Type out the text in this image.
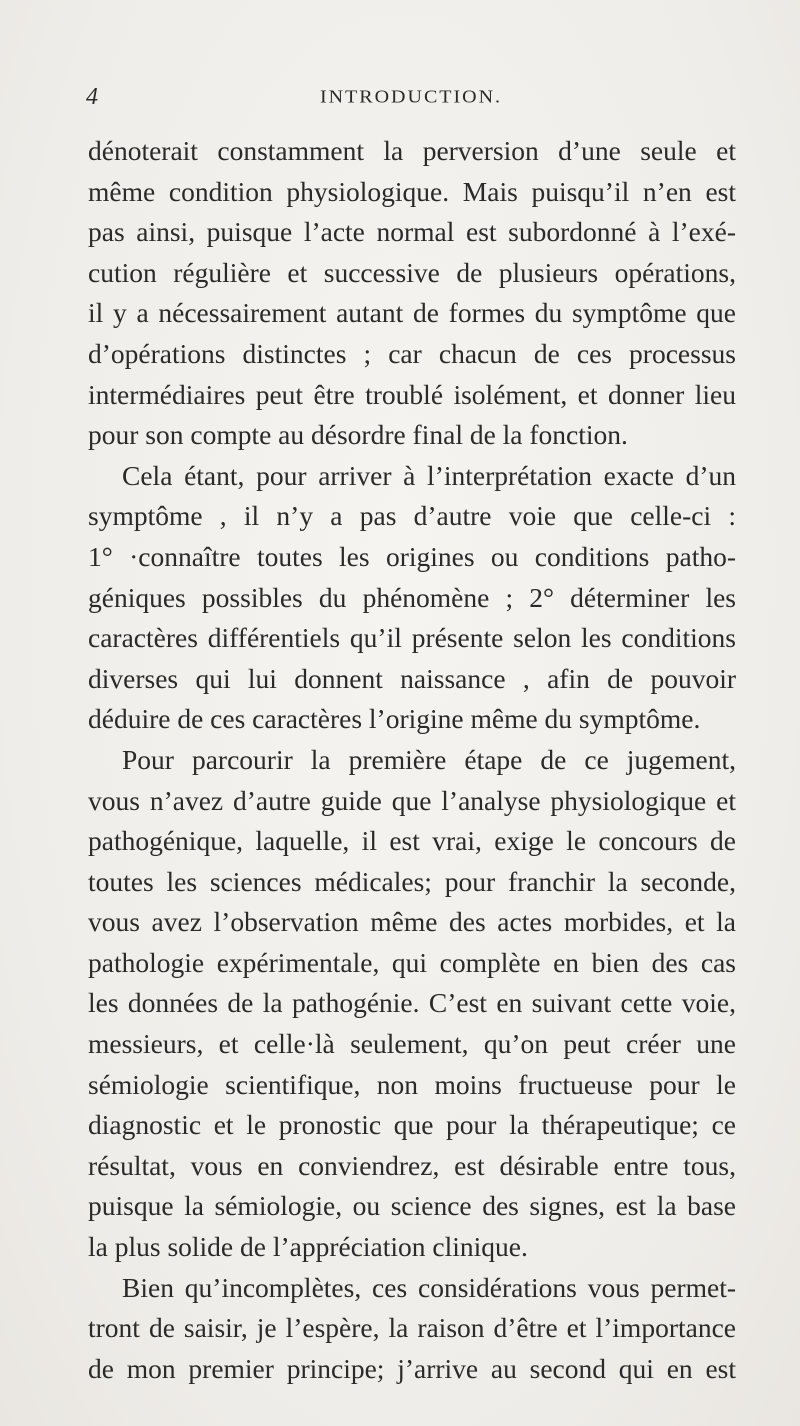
4	INTRODUCTION.
dénoterait constamment la perversion d’une seule et
même condition physiologique. Mais puisqu’il n’en est
pas ainsi, puisque l’acte normal est subordonné à l’exé-
cution régulière et successive de plusieurs opérations,
il y a nécessairement autant de formes du symptôme que
d’opérations distinctes ; car chacun de ces processus
intermédiaires peut être troublé isolément, et donner lieu
pour son compte au désordre final de la fonction.
Cela étant, pour arriver à l’interprétation exacte d’un
symptôme , il n’y a pas d’autre voie que celle-ci :
1° ·connaître toutes les origines ou conditions patho-
géniques possibles du phénomène ; 2° déterminer les
caractères différentiels qu’il présente selon les conditions
diverses qui lui donnent naissance , afin de pouvoir
déduire de ces caractères l’origine même du symptôme.
Pour parcourir la première étape de ce jugement,
vous n’avez d’autre guide que l’analyse physiologique et
pathogénique, laquelle, il est vrai, exige le concours de
toutes les sciences médicales; pour franchir la seconde,
vous avez l’observation même des actes morbides, et la
pathologie expérimentale, qui complète en bien des cas
les données de la pathogénie. C’est en suivant cette voie,
messieurs, et celle·là seulement, qu’on peut créer une
sémiologie scientifique, non moins fructueuse pour le
diagnostic et le pronostic que pour la thérapeutique; ce
résultat, vous en conviendrez, est désirable entre tous,
puisque la sémiologie, ou science des signes, est la base
la plus solide de l’appréciation clinique.
Bien qu’incomplètes, ces considérations vous permet-
tront de saisir, je l’espère, la raison d’être et l’importance
de mon premier principe; j’arrive au second qui en est
